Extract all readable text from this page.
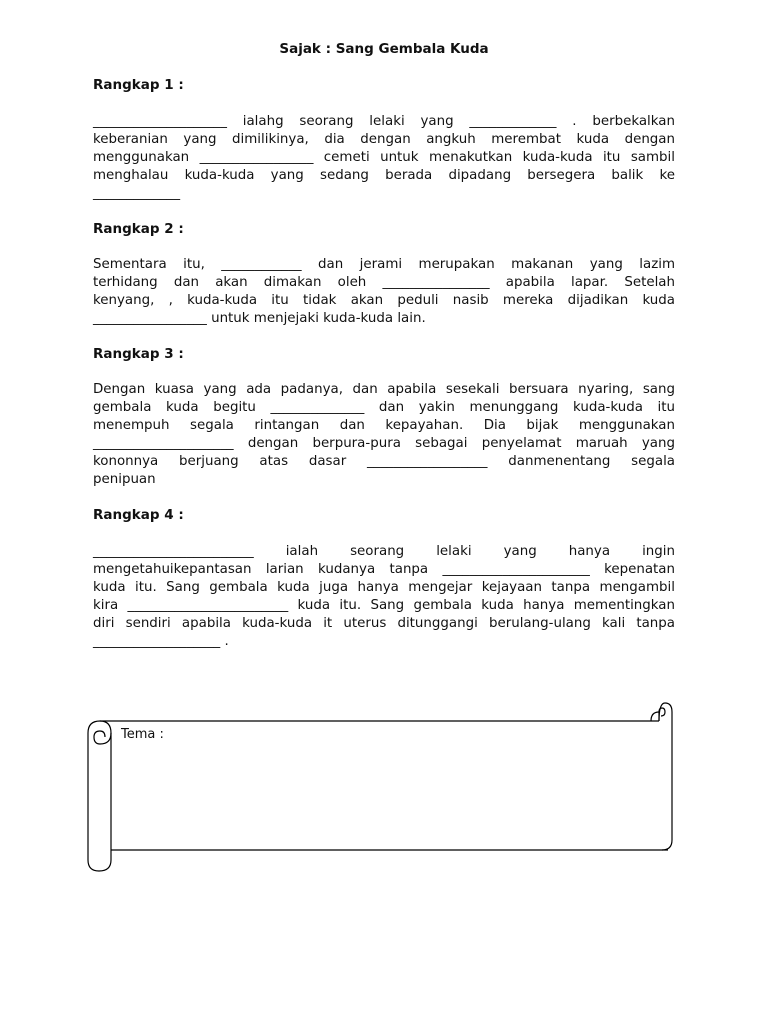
Sajak : Sang Gembala Kuda
Rangkap 1 :
____________________ ialahg seorang lelaki yang _____________ . berbekalkan
keberanian yang dimilikinya, dia dengan angkuh merembat kuda dengan
menggunakan _________________ cemeti untuk menakutkan kuda-kuda itu sambil
menghalau kuda-kuda yang sedang berada dipadang bersegera balik ke
_____________
Rangkap 2 :
Sementara itu, ____________ dan jerami merupakan makanan yang lazim
terhidang dan akan dimakan oleh ________________ apabila lapar. Setelah
kenyang, , kuda-kuda itu tidak akan peduli nasib mereka dijadikan kuda
_________________ untuk menjejaki kuda-kuda lain.
Rangkap 3 :
Dengan kuasa yang ada padanya, dan apabila sesekali bersuara nyaring, sang
gembala kuda begitu ______________ dan yakin menunggang kuda-kuda itu
menempuh segala rintangan dan kepayahan. Dia bijak menggunakan
_____________________ dengan berpura-pura sebagai penyelamat maruah yang
kononnya berjuang atas dasar __________________ danmenentang segala
penipuan
Rangkap 4 :
________________________ ialah seorang lelaki yang hanya ingin
mengetahuikepantasan larian kudanya tanpa ______________________ kepenatan
kuda itu. Sang gembala kuda juga hanya mengejar kejayaan tanpa mengambil
kira ________________________ kuda itu. Sang gembala kuda hanya mementingkan
diri sendiri apabila kuda-kuda it uterus ditunggangi berulang-ulang kali tanpa
___________________ .
Tema :
